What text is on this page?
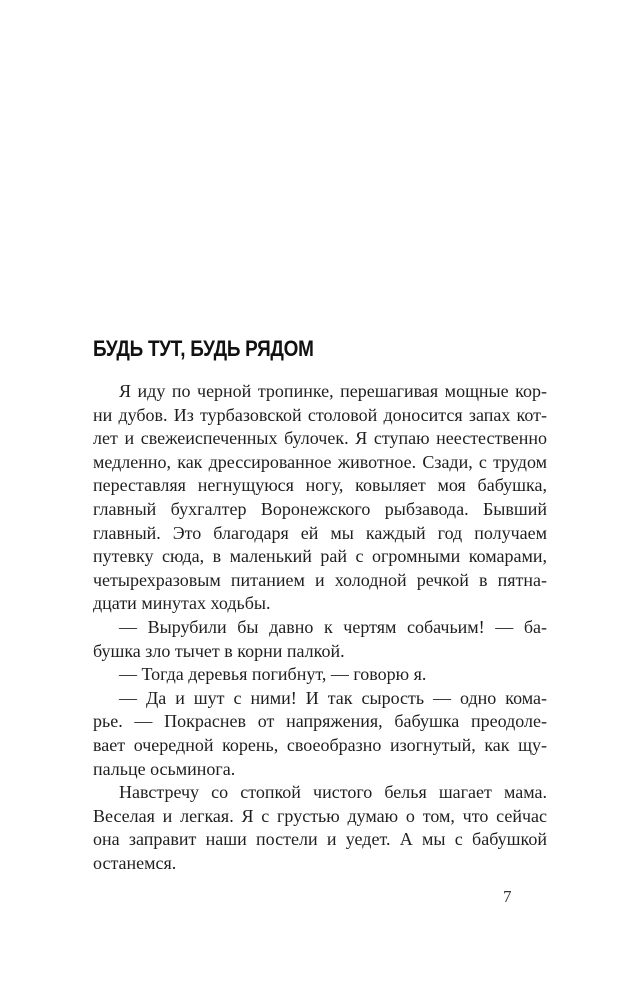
БУДЬ ТУТ, БУДЬ РЯДОМ
Я иду по черной тропинке, перешагивая мощные кор-
ни дубов. Из турбазовской столовой доносится запах кот-
лет и свежеиспеченных булочек. Я ступаю неестественно
медленно, как дрессированное животное. Сзади, с трудом
переставляя негнущуюся ногу, ковыляет моя бабушка,
главный бухгалтер Воронежского рыбзавода. Бывший
главный. Это благодаря ей мы каждый год получаем
путевку сюда, в маленький рай с огромными комарами,
четырехразовым питанием и холодной речкой в пятна-
дцати минутах ходьбы.
— Вырубили бы давно к чертям собачьим! — ба-
бушка зло тычет в корни палкой.
— Тогда деревья погибнут, — говорю я.
— Да и шут с ними! И так сырость — одно кома-
рье. — Покраснев от напряжения, бабушка преодоле-
вает очередной корень, своеобразно изогнутый, как щу-
пальце осьминога.
Навстречу со стопкой чистого белья шагает мама.
Веселая и легкая. Я с грустью думаю о том, что сейчас
она заправит наши постели и уедет. А мы с бабушкой
останемся.
7
